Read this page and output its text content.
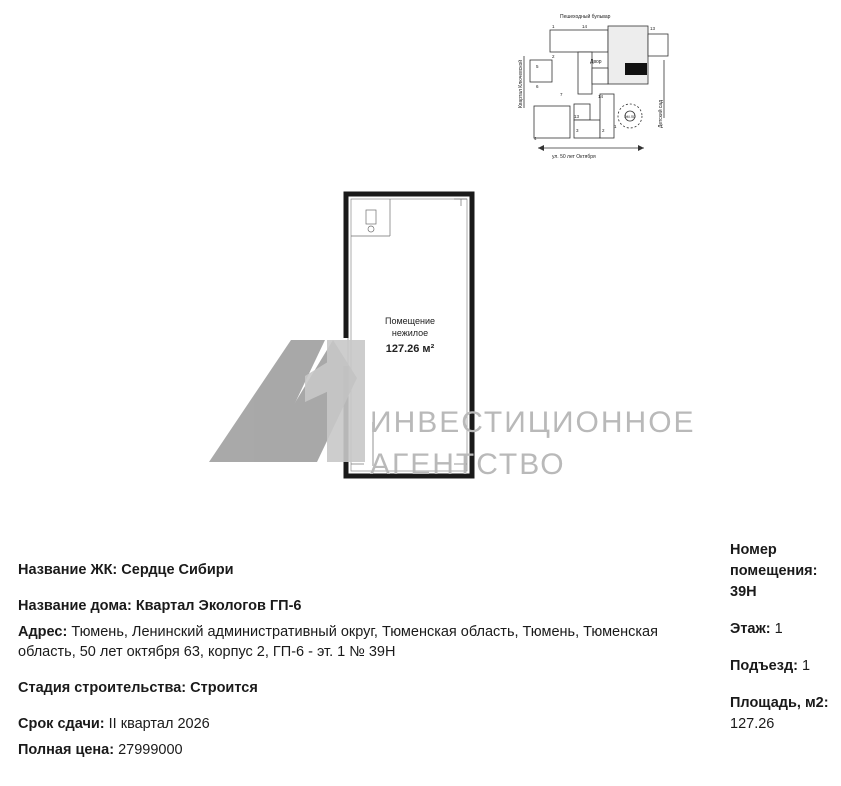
1	14	13
2
5
6
7	14
4
3	2
1
13
Пешеходный бульвар
Двор
ул. 50 лет Октября
Квартал Ключевской
Детский сад
ЭМ ЛО
Помещение
нежилое
127.26 м²
ИНВЕСТИЦИОННОЕ
АГЕНТСТВО
Название ЖК: Сердце Сибири
Название дома: Квартал Экологов ГП-6
Адрес: Тюмень, Ленинский административный округ, Тюменская область, Тюмень, Тюменская область, 50 лет октября 63, корпус 2, ГП-6 - эт. 1 № 39Н
Стадия строительства: Строится
Срок сдачи: II квартал 2026
Полная цена: 27999000
Номер помещения:
39Н
Этаж: 1
Подъезд: 1
Площадь, м2:
127.26
